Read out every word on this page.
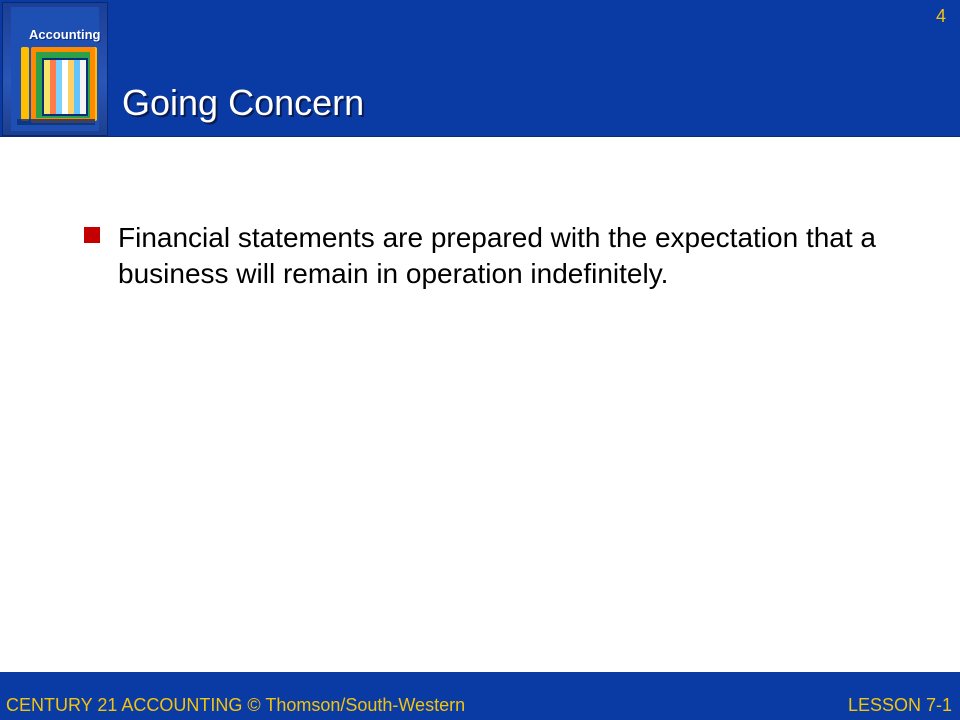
Accounting
Going Concern
4
Financial statements are prepared with the expectation that a business will remain in operation indefinitely.
CENTURY 21 ACCOUNTING © Thomson/South-Western	LESSON 7-1
